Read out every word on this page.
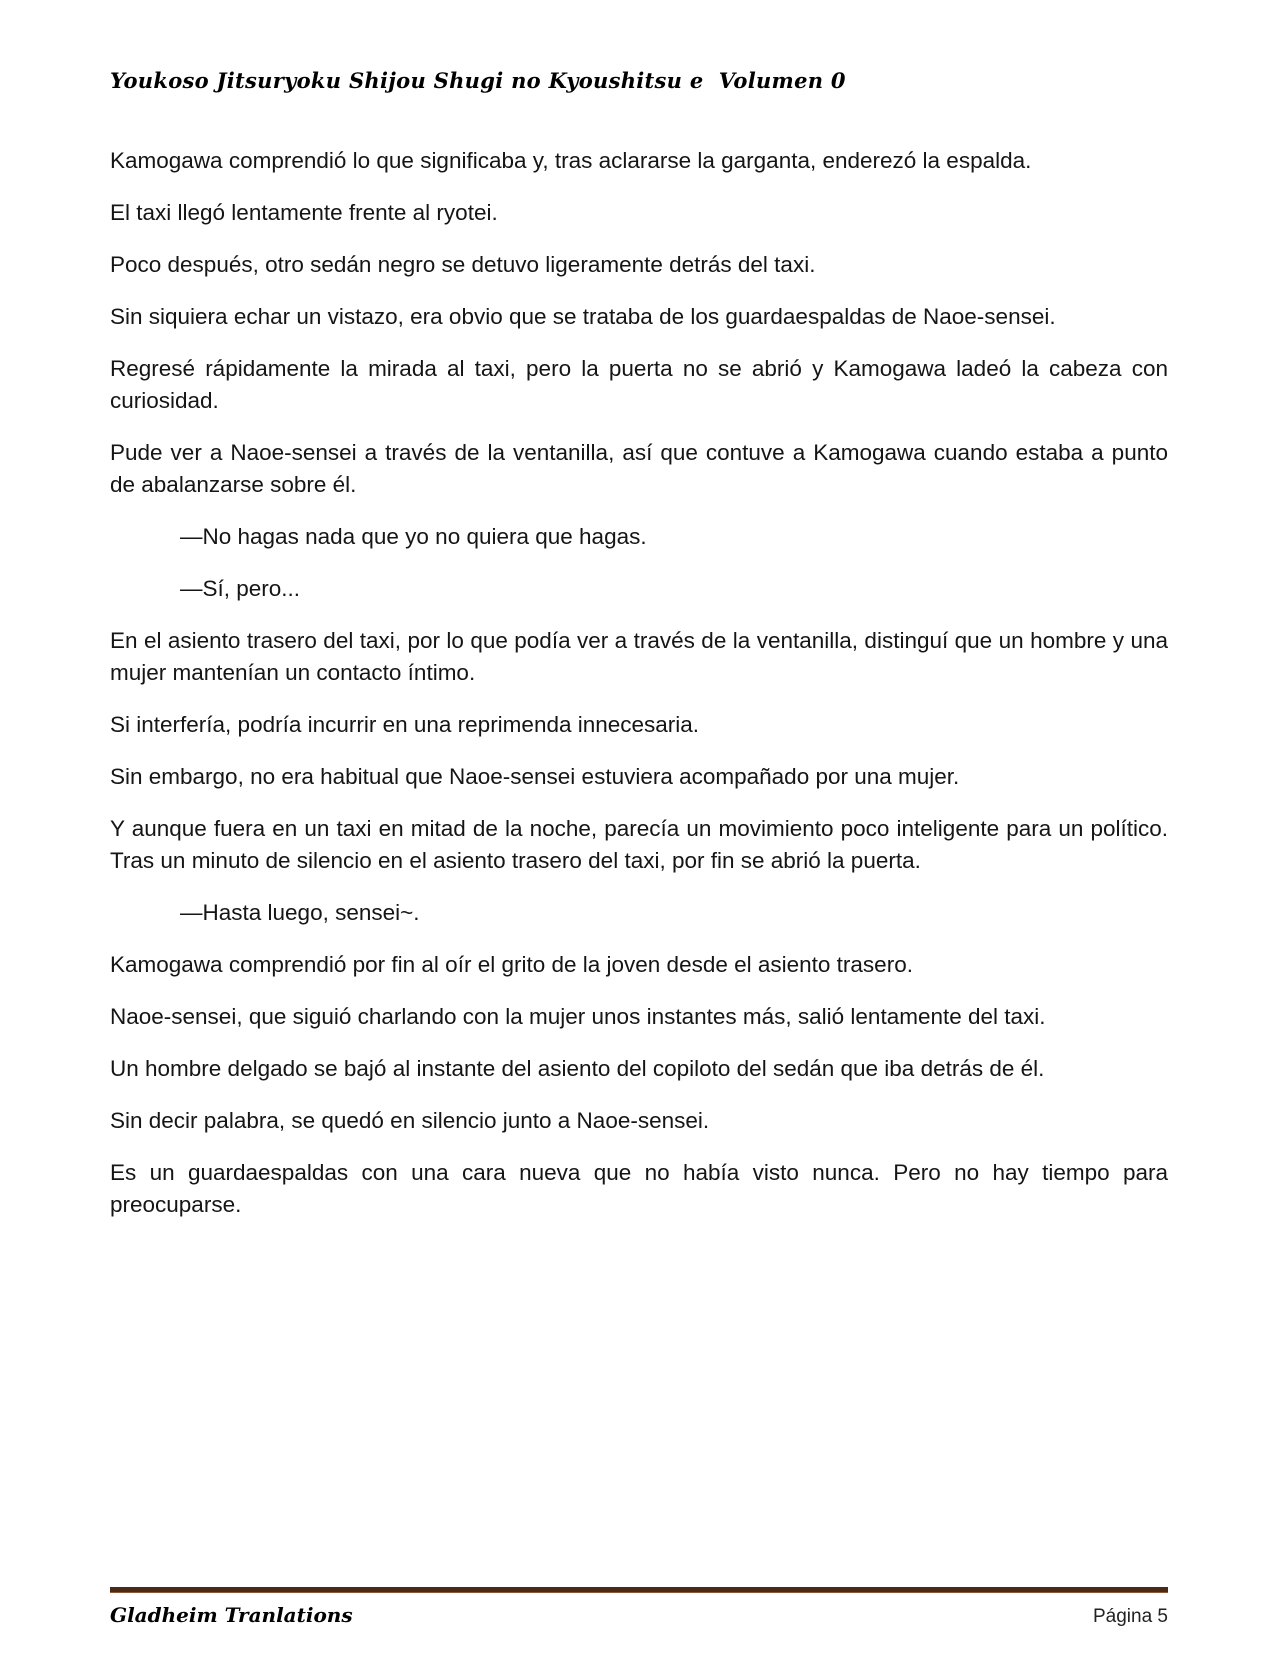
Youkoso Jitsuryoku Shijou Shugi no Kyoushitsu e  Volumen 0

Kamogawa comprendió lo que significaba y, tras aclararse la garganta, enderezó la espalda.

El taxi llegó lentamente frente al ryotei.

Poco después, otro sedán negro se detuvo ligeramente detrás del taxi.

Sin siquiera echar un vistazo, era obvio que se trataba de los guardaespaldas de Naoe-sensei.

Regresé rápidamente la mirada al taxi, pero la puerta no se abrió y Kamogawa ladeó la cabeza con curiosidad.

Pude ver a Naoe-sensei a través de la ventanilla, así que contuve a Kamogawa cuando estaba a punto de abalanzarse sobre él.

—No hagas nada que yo no quiera que hagas.

—Sí, pero...

En el asiento trasero del taxi, por lo que podía ver a través de la ventanilla, distinguí que un hombre y una mujer mantenían un contacto íntimo.

Si interfería, podría incurrir en una reprimenda innecesaria.

Sin embargo, no era habitual que Naoe-sensei estuviera acompañado por una mujer.

Y aunque fuera en un taxi en mitad de la noche, parecía un movimiento poco inteligente para un político. Tras un minuto de silencio en el asiento trasero del taxi, por fin se abrió la puerta.

—Hasta luego, sensei~.

Kamogawa comprendió por fin al oír el grito de la joven desde el asiento trasero.

Naoe-sensei, que siguió charlando con la mujer unos instantes más, salió lentamente del taxi.

Un hombre delgado se bajó al instante del asiento del copiloto del sedán que iba detrás de él.

Sin decir palabra, se quedó en silencio junto a Naoe-sensei.

Es un guardaespaldas con una cara nueva que no había visto nunca. Pero no hay tiempo para preocuparse.

Gladheim Tranlations	Página 5
